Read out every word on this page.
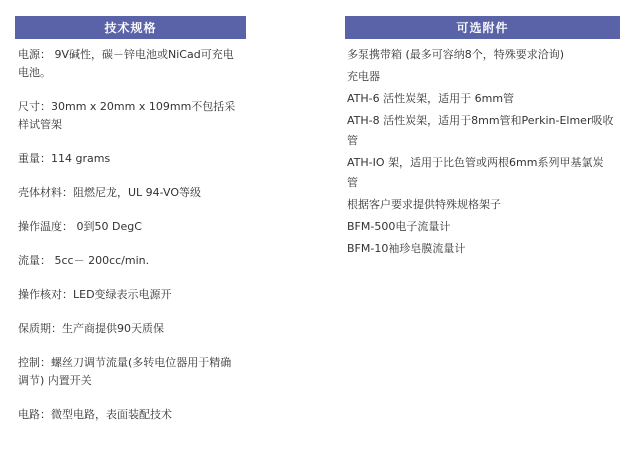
技术规格
电源： 9V碱性，碳－锌电池或NiCad可充电电池。
尺寸：30mm x 20mm x 109mm不包括采样试管架
重量：114 grams
壳体材料：阻燃尼龙，UL 94-VO等级
操作温度： 0到50 DegC
流量： 5cc－ 200cc/min.
操作核对：LED变绿表示电源开
保质期：生产商提供90天质保
控制：螺丝刀调节流量(多转电位器用于精确调节) 内置开关
电路：微型电路，表面装配技术
可选附件
多泵携带箱 (最多可容纳8个，特殊要求洽询)
充电器
ATH-6 活性炭架，适用于 6mm管
ATH-8 活性炭架，适用于8mm管和Perkin-Elmer吸收管
ATH-IO 架，适用于比色管或两根6mm系列甲基氯炭管
根据客户要求提供特殊规格架子
BFM-500电子流量计
BFM-10袖珍皂膜流量计
